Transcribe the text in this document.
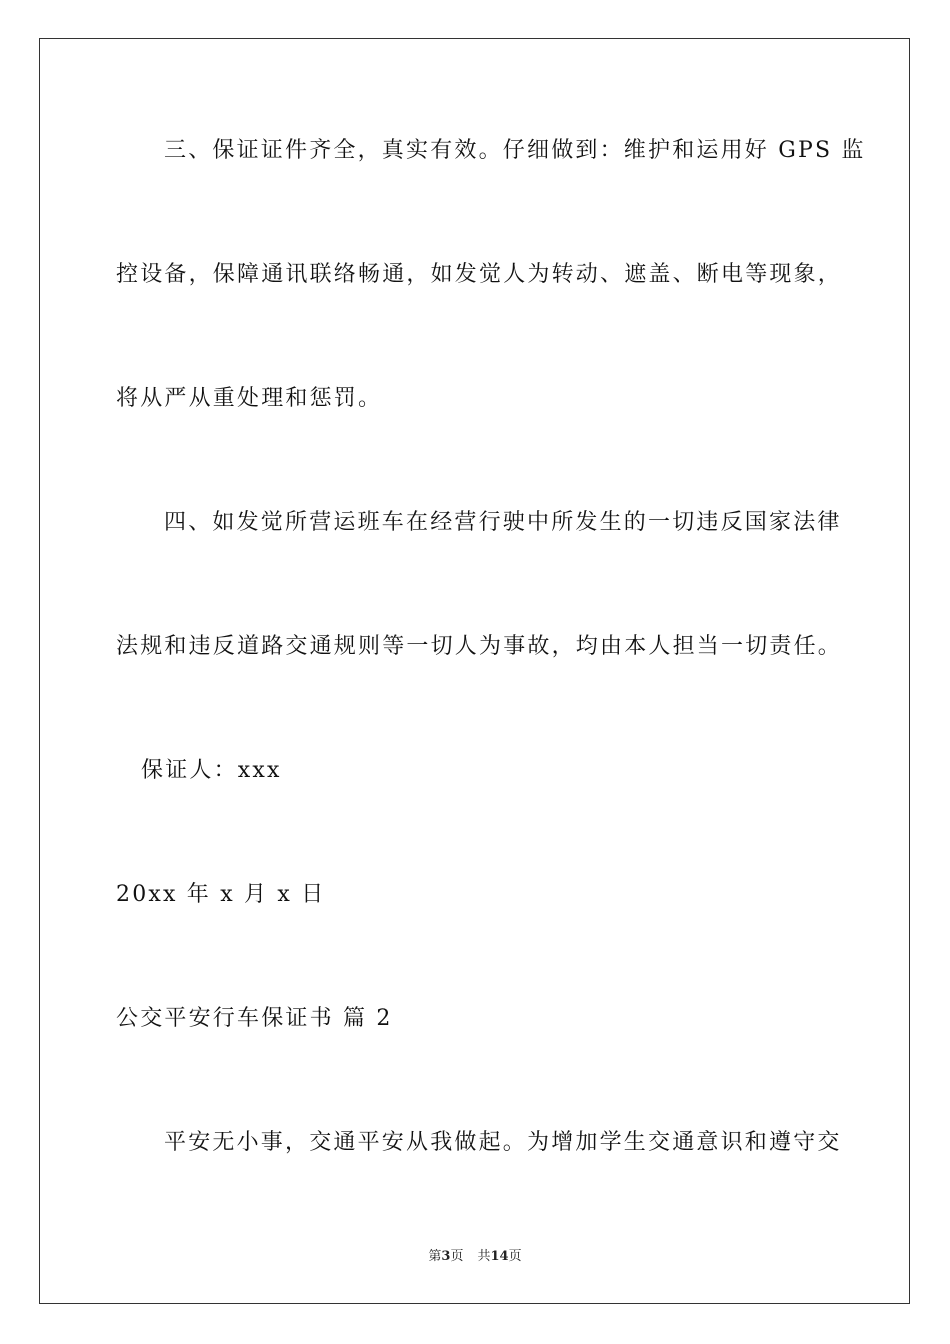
三、保证证件齐全，真实有效。仔细做到：维护和运用好 GPS 监
控设备，保障通讯联络畅通，如发觉人为转动、遮盖、断电等现象，
将从严从重处理和惩罚。
四、如发觉所营运班车在经营行驶中所发生的一切违反国家法律
法规和违反道路交通规则等一切人为事故，均由本人担当一切责任。
保证人：xxx
20xx 年 x 月 x 日
公交平安行车保证书 篇 2
平安无小事，交通平安从我做起。为增加学生交通意识和遵守交
第3页 共14页
